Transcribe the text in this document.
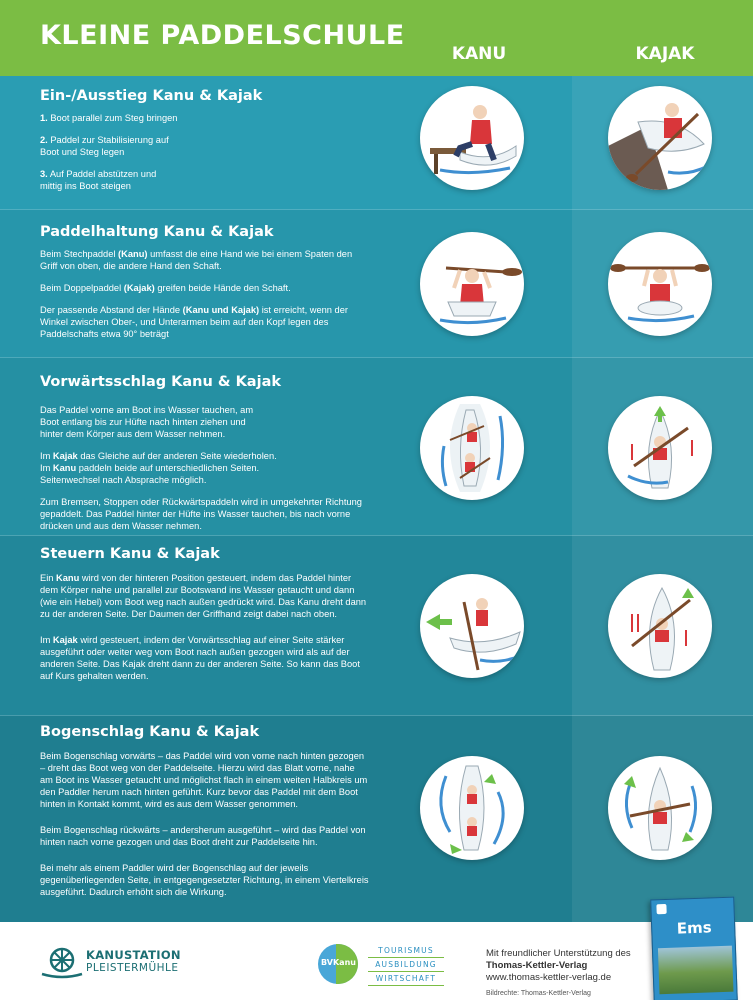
KLEINE PADDELSCHULE
KANU	KAJAK
Ein-/Ausstieg Kanu & Kajak

1. Boot parallel zum Steg bringen

2. Paddel zur Stabilisierung auf Boot und Steg legen

3. Auf Paddel abstützen und mittig ins Boot steigen

Paddelhaltung Kanu & Kajak

Beim Stechpaddel (Kanu) umfasst die eine Hand wie bei einem Spaten den Griff von oben, die andere Hand den Schaft.

Beim Doppelpaddel (Kajak) greifen beide Hände den Schaft.

Der passende Abstand der Hände (Kanu und Kajak) ist erreicht, wenn der Winkel zwischen Ober-, und Unterarmen beim auf den Kopf legen des Paddelschafts etwa 90° beträgt

Vorwärtsschlag Kanu & Kajak

Das Paddel vorne am Boot ins Wasser tauchen, am Boot entlang bis zur Hüfte nach hinten ziehen und hinter dem Körper aus dem Wasser nehmen.

Im Kajak das Gleiche auf der anderen Seite wiederholen.

Im Kanu paddeln beide auf unterschiedlichen Seiten. Seitenwechsel nach Absprache möglich.

Zum Bremsen, Stoppen oder Rückwärtspaddeln wird in umgekehrter Richtung gepaddelt. Das Paddel hinter der Hüfte ins Wasser tauchen, bis nach vorne drücken und aus dem Wasser nehmen.

Steuern Kanu & Kajak

Ein Kanu wird von der hinteren Position gesteuert, indem das Paddel hinter dem Körper nahe und parallel zur Bootswand ins Wasser getaucht und dann (wie ein Hebel) vom Boot weg nach außen gedrückt wird. Das Kanu dreht dann zu der anderen Seite. Der Daumen der Griffhand zeigt dabei nach oben.

Im Kajak wird gesteuert, indem der Vorwärtsschlag auf einer Seite stärker ausgeführt oder weiter weg vom Boot nach außen gezogen wird als auf der anderen Seite. Das Kajak dreht dann zu der anderen Seite. So kann das Boot auf Kurs gehalten werden.

Bogenschlag Kanu & Kajak

Beim Bogenschlag vorwärts – das Paddel wird von vorne nach hinten gezogen – dreht das Boot weg von der Paddelseite. Hierzu wird das Blatt vorne, nahe am Boot ins Wasser getaucht und möglichst flach in einem weiten Halbkreis um den Paddler herum nach hinten geführt. Kurz bevor das Paddel mit dem Boot hinten in Kontakt kommt, wird es aus dem Wasser genommen.

Beim Bogenschlag rückwärts – andersherum ausgeführt – wird das Paddel von hinten nach vorne gezogen und das Boot dreht zur Paddelseite hin.

Bei mehr als einem Paddler wird der Bogenschlag auf der jeweils gegenüberliegenden Seite, in entgegengesetzter Richtung, in einem Viertelkreis ausgeführt. Dadurch erhöht sich die Wirkung.

KANUSTATION
PLEISTERMÜHLE	BVKanu
TOURISMUS
AUSBILDUNG
WIRTSCHAFT
Mit freundlicher Unterstützung des
Thomas-Kettler-Verlag
www.thomas-kettler-verlag.de
Bildrechte: Thomas-Kettler-Verlag
Ems
